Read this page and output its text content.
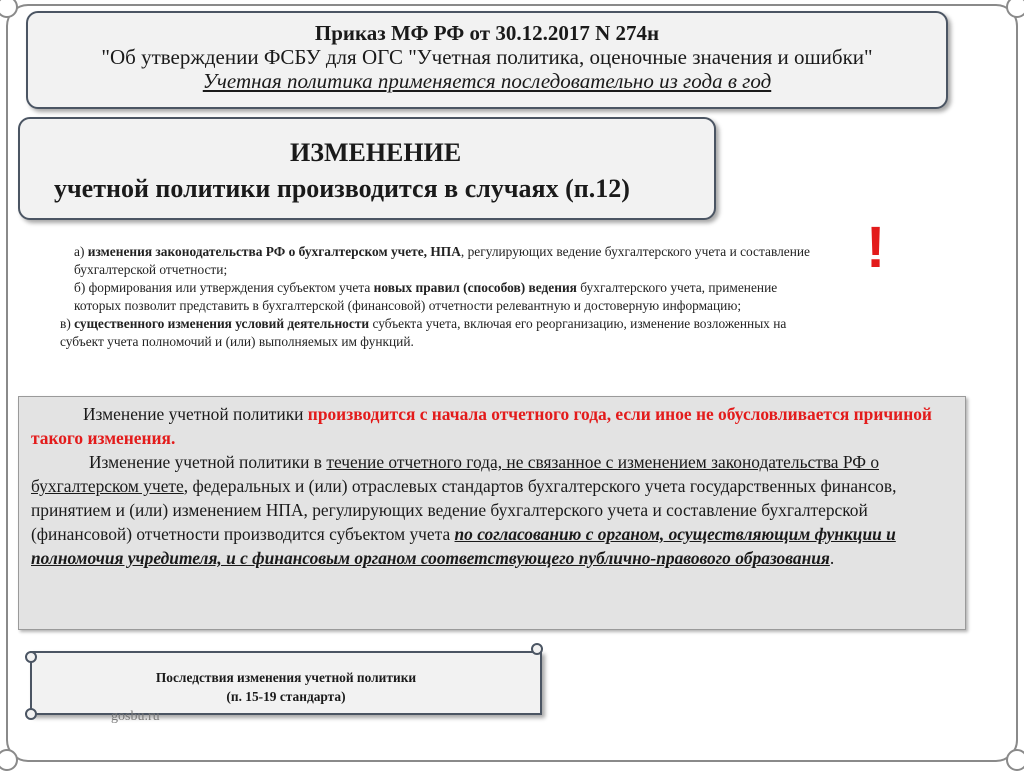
Приказ МФ РФ от 30.12.2017 N 274н
"Об утверждении ФСБУ для ОГС "Учетная политика, оценочные значения и ошибки"
Учетная политика применяется последовательно из года в год
ИЗМЕНЕНИЕ
учетной политики производится в случаях (п.12)
!

а) изменения законодательства РФ о бухгалтерском учете, НПА, регулирующих ведение бухгалтерского учета и составление бухгалтерской отчетности;

б) формирования или утверждения субъектом учета новых правил (способов) ведения бухгалтерского учета, применение которых позволит представить в бухгалтерской (финансовой) отчетности релевантную и достоверную информацию;

в) существенного изменения условий деятельности субъекта учета, включая его реорганизацию, изменение возложенных на субъект учета полномочий и (или) выполняемых им функций.

Изменение учетной политики производится с начала отчетного года, если иное не обусловливается причиной такого изменения.

Изменение учетной политики в течение отчетного года, не связанное с изменением законодательства РФ о бухгалтерском учете, федеральных и (или) отраслевых стандартов бухгалтерского учета государственных финансов, принятием и (или) изменением НПА, регулирующих ведение бухгалтерского учета и составление бухгалтерской (финансовой) отчетности производится субъектом учета по согласованию с органом, осуществляющим функции и полномочия учредителя, и с финансовым органом соответствующего публично-правового образования.

Последствия изменения учетной политики
(п. 15-19 стандарта)
gosbu.ru
